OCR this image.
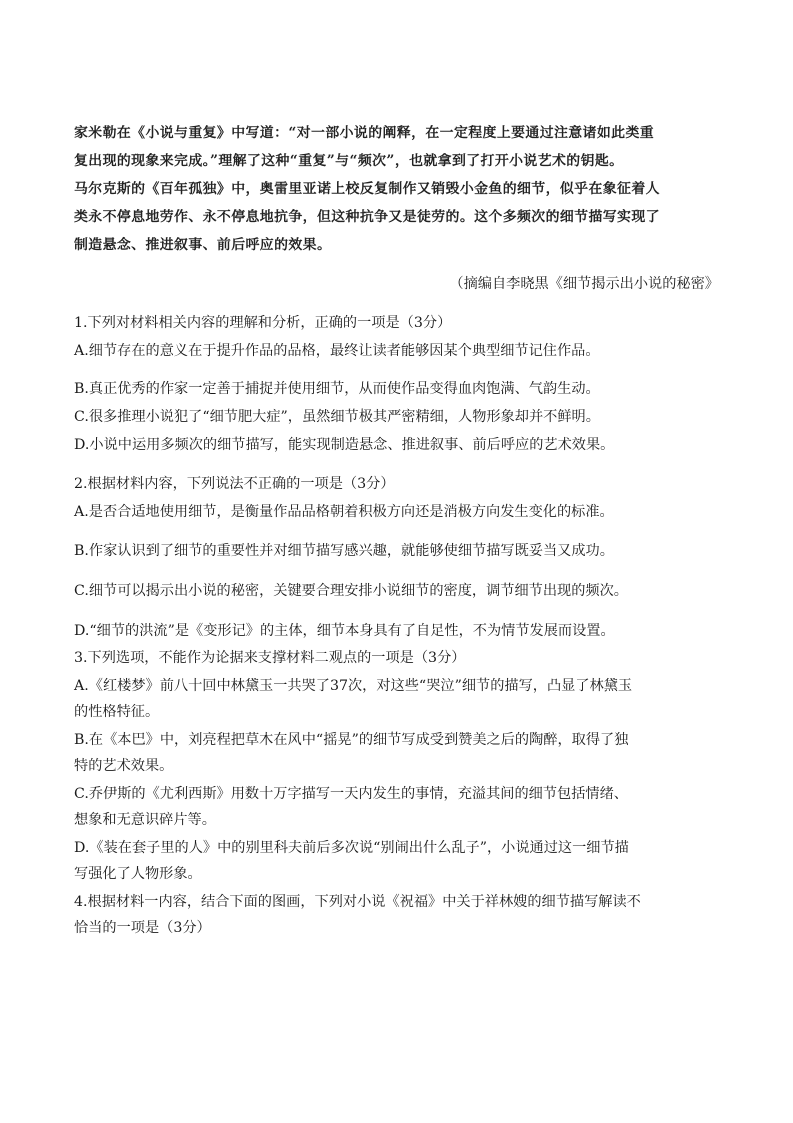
家米勒在《小说与重复》中写道：“对一部小说的阐释，在一定程度上要通过注意诸如此类重
复出现的现象来完成。”理解了这种“重复”与“频次”，也就拿到了打开小说艺术的钥匙。
马尔克斯的《百年孤独》中，奥雷里亚诺上校反复制作又销毁小金鱼的细节，似乎在象征着人
类永不停息地劳作、永不停息地抗争，但这种抗争又是徒劳的。这个多频次的细节描写实现了
制造悬念、推进叙事、前后呼应的效果。
（摘编自李晓黒《细节揭示出小说的秘密》
1.下列对材料相关内容的理解和分析，正确的一项是（3分）
A.细节存在的意义在于提升作品的品格，最终让读者能够因某个典型细节记住作品。
B.真正优秀的作家一定善于捕捉并使用细节，从而使作品变得血肉饱满、气韵生动。
C.很多推理小说犯了“细节肥大症”，虽然细节极其严密精细，人物形象却并不鲜明。
D.小说中运用多频次的细节描写，能实现制造悬念、推进叙事、前后呼应的艺术效果。
2.根据材料内容，下列说法不正确的一项是（3分）
A.是否合适地使用细节，是衡量作品品格朝着积极方向还是消极方向发生变化的标准。
B.作家认识到了细节的重要性并对细节描写感兴趣，就能够使细节描写既妥当又成功。
C.细节可以揭示出小说的秘密，关键要合理安排小说细节的密度，调节细节出现的频次。
D.“细节的洪流”是《变形记》的主体，细节本身具有了自足性，不为情节发展而设置。
3.下列选项，不能作为论据来支撑材料二观点的一项是（3分）
A.《红楼梦》前八十回中林黛玉一共哭了37次，对这些“哭泣”细节的描写，凸显了林黛玉
的性格特征。
B.在《本巴》中，刘亮程把草木在风中“摇晃”的细节写成受到赞美之后的陶醉，取得了独
特的艺术效果。
C.乔伊斯的《尤利西斯》用数十万字描写一天内发生的事情，充溢其间的细节包括情绪、
想象和无意识碎片等。
D.《装在套子里的人》中的别里科夫前后多次说“别闹出什么乱子”，小说通过这一细节描
写强化了人物形象。
4.根据材料一内容，结合下面的图画，下列对小说《祝福》中关于祥林嫂的细节描写解读不
恰当的一项是（3分）
